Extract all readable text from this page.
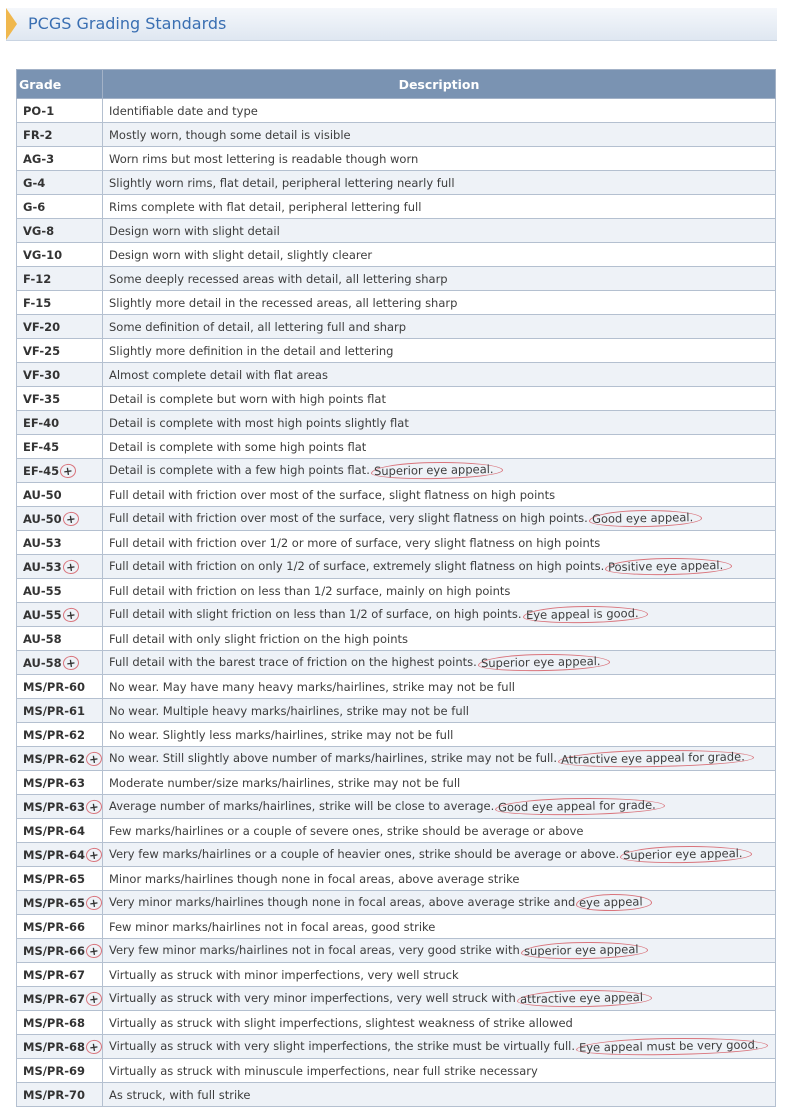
PCGS Grading Standards
Grade	Description
PO-1	Identifiable date and type
FR-2	Mostly worn, though some detail is visible
AG-3	Worn rims but most lettering is readable though worn
G-4	Slightly worn rims, flat detail, peripheral lettering nearly full
G-6	Rims complete with flat detail, peripheral lettering full
VG-8	Design worn with slight detail
VG-10	Design worn with slight detail, slightly clearer
F-12	Some deeply recessed areas with detail, all lettering sharp
F-15	Slightly more detail in the recessed areas, all lettering sharp
VF-20	Some definition of detail, all lettering full and sharp
VF-25	Slightly more definition in the detail and lettering
VF-30	Almost complete detail with flat areas
VF-35	Detail is complete but worn with high points flat
EF-40	Detail is complete with most high points slightly flat
EF-45	Detail is complete with some high points flat
EF-45 +	Detail is complete with a few high points flat. Superior eye appeal.
AU-50	Full detail with friction over most of the surface, slight flatness on high points
AU-50 +	Full detail with friction over most of the surface, very slight flatness on high points. Good eye appeal.
AU-53	Full detail with friction over 1/2 or more of surface, very slight flatness on high points
AU-53 +	Full detail with friction on only 1/2 of surface, extremely slight flatness on high points. Positive eye appeal.
AU-55	Full detail with friction on less than 1/2 surface, mainly on high points
AU-55 +	Full detail with slight friction on less than 1/2 of surface, on high points. Eye appeal is good.
AU-58	Full detail with only slight friction on the high points
AU-58 +	Full detail with the barest trace of friction on the highest points. Superior eye appeal.
MS/PR-60	No wear. May have many heavy marks/hairlines, strike may not be full
MS/PR-61	No wear. Multiple heavy marks/hairlines, strike may not be full
MS/PR-62	No wear. Slightly less marks/hairlines, strike may not be full
MS/PR-62 +	No wear. Still slightly above number of marks/hairlines, strike may not be full. Attractive eye appeal for grade.
MS/PR-63	Moderate number/size marks/hairlines, strike may not be full
MS/PR-63 +	Average number of marks/hairlines, strike will be close to average. Good eye appeal for grade.
MS/PR-64	Few marks/hairlines or a couple of severe ones, strike should be average or above
MS/PR-64 +	Very few marks/hairlines or a couple of heavier ones, strike should be average or above. Superior eye appeal.
MS/PR-65	Minor marks/hairlines though none in focal areas, above average strike
MS/PR-65 +	Very minor marks/hairlines though none in focal areas, above average strike and eye appeal
MS/PR-66	Few minor marks/hairlines not in focal areas, good strike
MS/PR-66 +	Very few minor marks/hairlines not in focal areas, very good strike with superior eye appeal
MS/PR-67	Virtually as struck with minor imperfections, very well struck
MS/PR-67 +	Virtually as struck with very minor imperfections, very well struck with attractive eye appeal
MS/PR-68	Virtually as struck with slight imperfections, slightest weakness of strike allowed
MS/PR-68 +	Virtually as struck with very slight imperfections, the strike must be virtually full. Eye appeal must be very good.
MS/PR-69	Virtually as struck with minuscule imperfections, near full strike necessary
MS/PR-70	As struck, with full strike
